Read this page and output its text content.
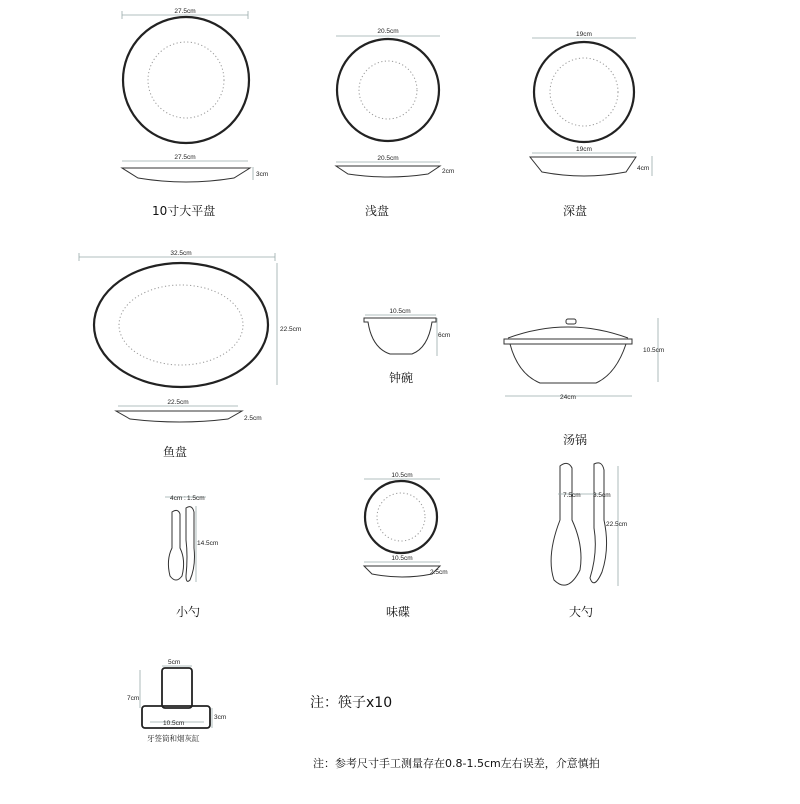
27.5cm
27.5cm
3cm
10寸大平盘
20.5cm
20.5cm
2cm
浅盘
19cm
19cm
4cm
深盘
32.5cm
22.5cm
22.5cm
2.5cm
鱼盘
10.5cm
6cm
钟碗
24cm
10.5cm
汤锅
4cm : 1.5cm
14.5cm
小勺
10.5cm
10.5cm
2.5cm
味碟
7.5cm 3.5cm
22.5cm
大勺
5cm
7cm
10.5cm
3cm
牙签筒和烟灰缸
注：筷子x10
注：参考尺寸手工测量存在0.8-1.5cm左右误差，介意慎拍
